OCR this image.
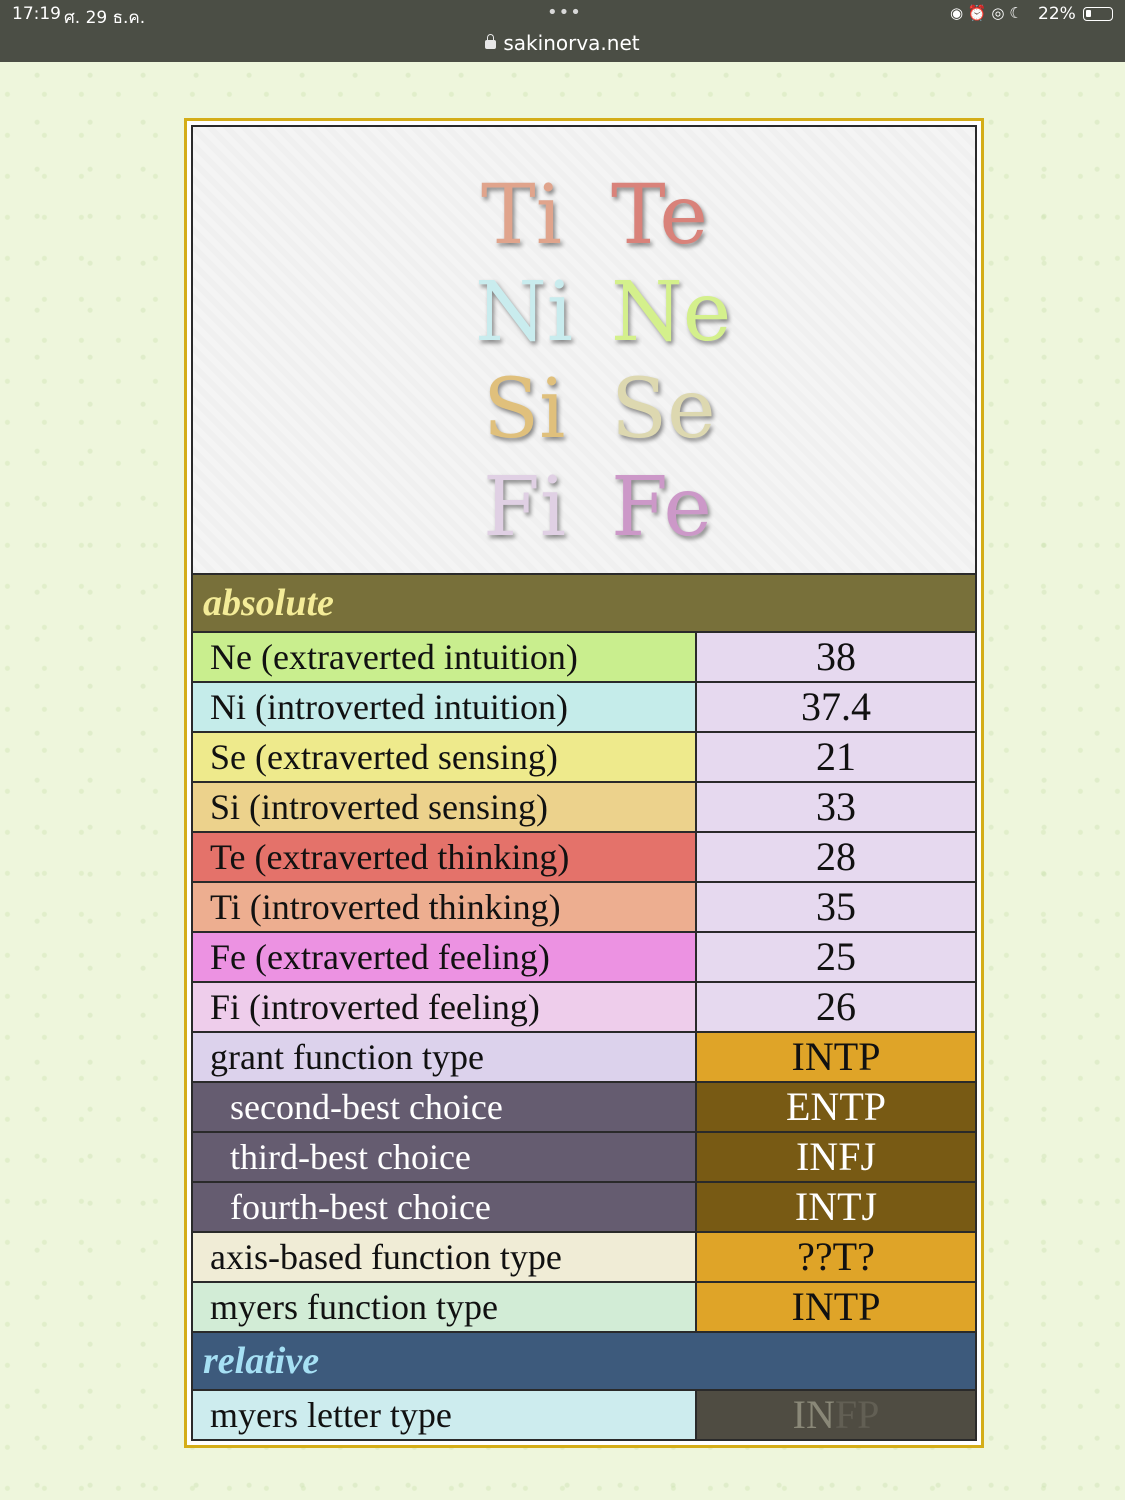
17:19 ศ. 29 ธ.ค.	•••	◉ ⏰ ◎ ☾ 22%
sakinorva.net
Ti Te
Ni Ne
Si Se
Fi Fe
absolute
Ne (extraverted intuition)	38
Ni (introverted intuition)	37.4
Se (extraverted sensing)	21
Si (introverted sensing)	33
Te (extraverted thinking)	28
Ti (introverted thinking)	35
Fe (extraverted feeling)	25
Fi (introverted feeling)	26
grant function type	INTP
second-best choice	ENTP
third-best choice	INFJ
fourth-best choice	INTJ
axis-based function type	??T?
myers function type	INTP
relative
myers letter type	INFP
